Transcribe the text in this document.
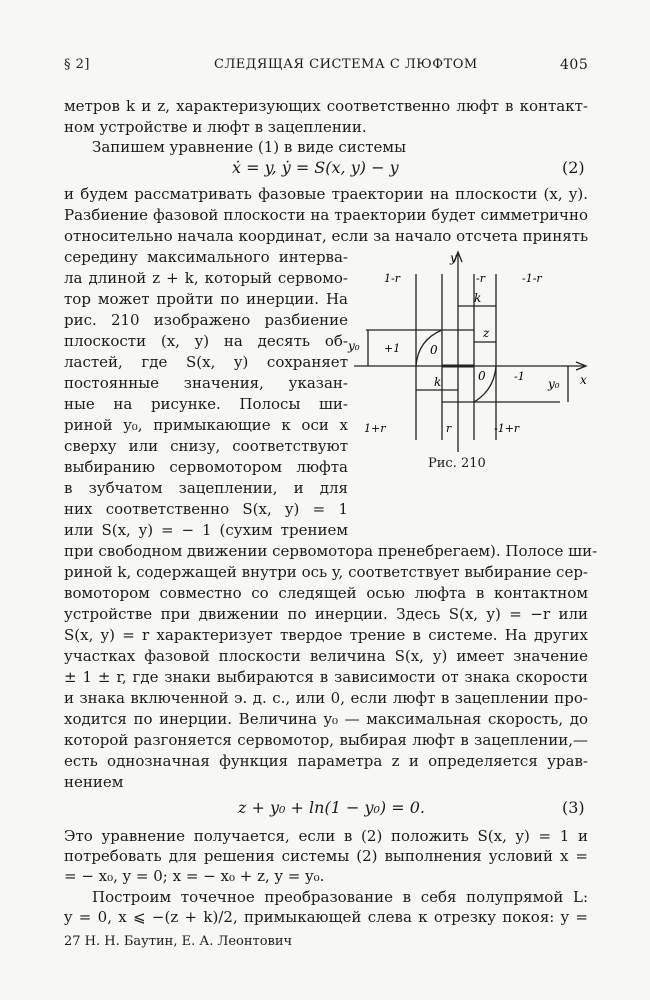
§ 2]	СЛЕДЯЩАЯ СИСТЕМА С ЛЮФТОМ	405
метров k и z, характеризующих соответственно люфт в контакт-
ном устройстве и люфт в зацеплении.
Запишем уравнение (1) в виде системы
ẋ = y, ẏ = S(x, y) − y	(2)
и будем рассматривать фазовые траектории на плоскости (x, y).
Разбиение фазовой плоскости на траектории будет симметрично
относительно начала координат, если за начало отсчета принять
середину максимального интерва-
ла длиной z + k, который сервомо-
тор может пройти по инерции. На
рис. 210 изображено разбиение
плоскости (x, y) на десять об-
ластей, где S(x, y) сохраняет
постоянные значения, указан-
ные на рисунке. Полосы ши-
риной y₀, примыкающие к оси x
сверху или снизу, соответствуют
выбиранию сервомотором люфта
в зубчатом зацеплении, и для
них соответственно S(x, y) = 1
или S(x, y) = − 1 (сухим трением
при свободном движении сервомотора пренебрегаем). Полосе ши-
риной k, содержащей внутри ось y, соответствует выбирание сер-
вомотором совместно со следящей осью люфта в контактном
устройстве при движении по инерции. Здесь S(x, y) = −r или
S(x, y) = r характеризует твердое трение в системе. На других
участках фазовой плоскости величина S(x, y) имеет значение
± 1 ± r, где знаки выбираются в зависимости от знака скорости
и знака включенной э. д. с., или 0, если люфт в зацеплении про-
ходится по инерции. Величина y₀ — максимальная скорость, до
которой разгоняется сервомотор, выбирая люфт в зацеплении,—
есть однозначная функция параметра z и определяется урав-
нением
z + y₀ + ln(1 − y₀) = 0.	(3)
Это уравнение получается, если в (2) положить S(x, y) = 1 и
потребовать для решения системы (2) выполнения условий x =
= − x₀, y = 0; x = − x₀ + z, y = y₀.
Построим точечное преобразование в себя полупрямой L:
y = 0, x ⩽ −(z + k)/2, примыкающей слева к отрезку покоя: y =
27 Н. Н. Баутин, Е. А. Леонтович
y
x
1-r	-r	-1-r
k
z
+1
y₀	0
0	-1
y₀
k
1+r	r	-1+r
Рис. 210
